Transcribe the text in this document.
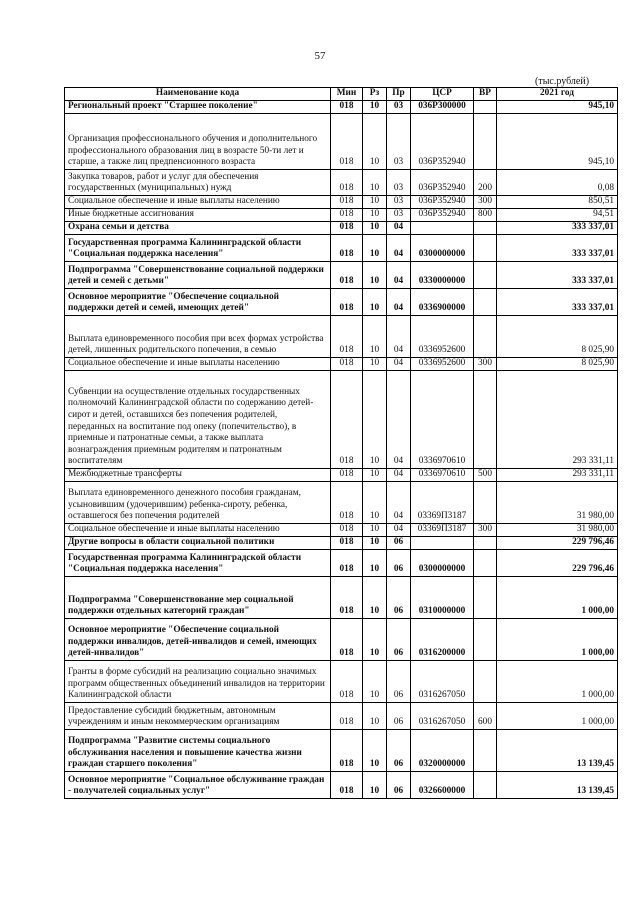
57
(тыс.рублей)
Наименование кода	Мин	Рз	Пр	ЦСР	ВР	2021 год
Региональный проект "Старшее поколение"	018	10	03	036P300000		945,10
Организация профессионального обучения и дополнительного профессионального образования лиц в возрасте 50-ти лет и старше, а также лиц предпенсионного возраста	018	10	03	036P352940		945,10
Закупка товаров, работ и услуг для обеспечения государственных (муниципальных) нужд	018	10	03	036P352940	200	0,08
Социальное обеспечение и иные выплаты населению	018	10	03	036P352940	300	850,51
Иные бюджетные ассигнования	018	10	03	036P352940	800	94,51
Охрана семьи и детства	018	10	04			333 337,01
Государственная программа Калининградской области "Социальная поддержка населения"	018	10	04	0300000000		333 337,01
Подпрограмма "Совершенствование социальной поддержки детей и семей с детьми"	018	10	04	0330000000		333 337,01
Основное мероприятие "Обеспечение социальной поддержки детей и семей, имеющих детей"	018	10	04	0336900000		333 337,01
Выплата единовременного пособия при всех формах устройства детей, лишенных родительского попечения, в семью	018	10	04	0336952600		8 025,90
Социальное обеспечение и иные выплаты населению	018	10	04	0336952600	300	8 025,90
Субвенции на осуществление отдельных государственных полномочий Калининградской области по содержанию детей-сирот и детей, оставшихся без попечения родителей, переданных на воспитание под опеку (попечительство), в приемные и патронатные семьи, а также выплата вознаграждения приемным родителям и патронатным воспитателям	018	10	04	0336970610		293 331,11
Межбюджетные трансферты	018	10	04	0336970610	500	293 331,11
Выплата единовременного денежного пособия гражданам, усыновившим (удочерившим) ребенка-сироту, ребенка, оставшегося без попечения родителей	018	10	04	03369П3187		31 980,00
Социальное обеспечение и иные выплаты населению	018	10	04	03369П3187	300	31 980,00
Другие вопросы в области социальной политики	018	10	06			229 796,46
Государственная программа Калининградской области "Социальная поддержка населения"	018	10	06	0300000000		229 796,46
Подпрограмма "Совершенствование мер социальной поддержки отдельных категорий граждан"	018	10	06	0310000000		1 000,00
Основное мероприятие "Обеспечение социальной поддержки инвалидов, детей-инвалидов и семей, имеющих детей-инвалидов"	018	10	06	0316200000		1 000,00
Гранты в форме субсидий на реализацию социально значимых программ общественных объединений инвалидов на территории Калининградской области	018	10	06	0316267050		1 000,00
Предоставление субсидий бюджетным, автономным учреждениям и иным некоммерческим организациям	018	10	06	0316267050	600	1 000,00
Подпрограмма "Развитие системы социального обслуживания населения и повышение качества жизни граждан старшего поколения"	018	10	06	0320000000		13 139,45
Основное мероприятие "Социальное обслуживание граждан - получателей социальных услуг"	018	10	06	0326600000		13 139,45
